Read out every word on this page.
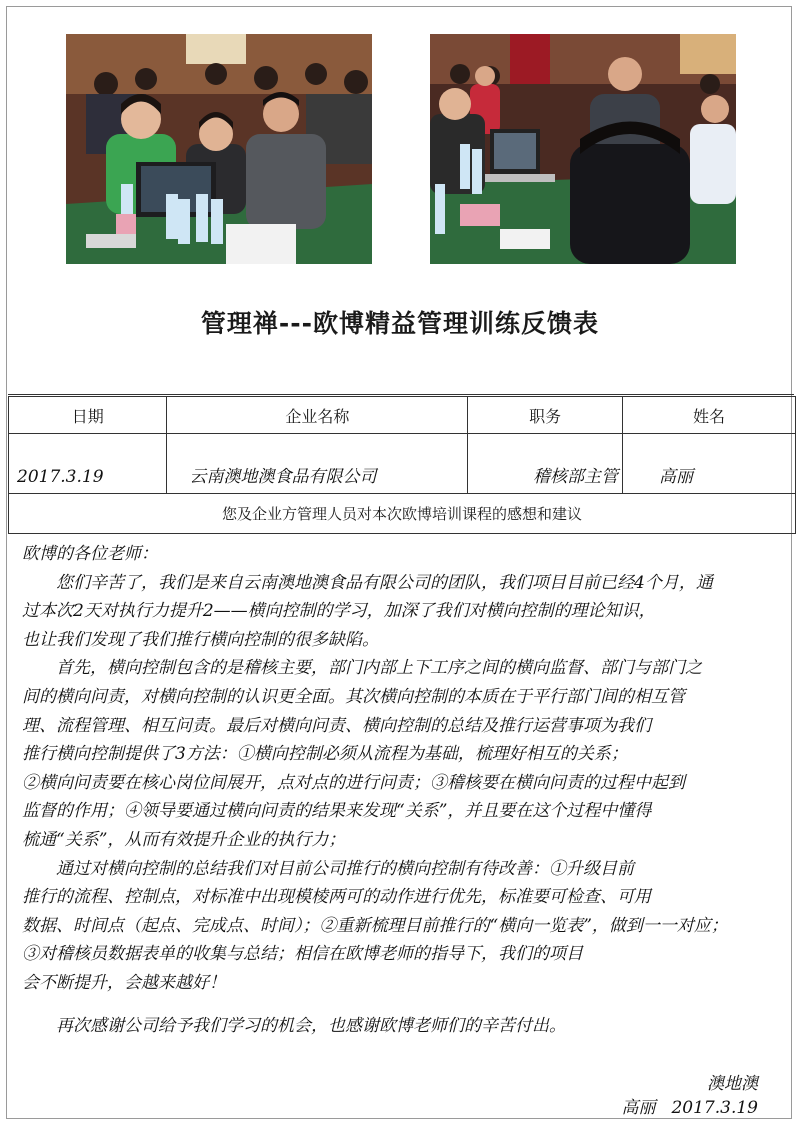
管理禅---欧博精益管理训练反馈表
日期	企业名称	职务	姓名
2017.3.19	云南澳地澳食品有限公司	稽核部主管	高丽
您及企业方管理人员对本次欧博培训课程的感想和建议			

欧博的各位老师：

　　您们辛苦了，我们是来自云南澳地澳食品有限公司的团队，我们项目目前已经4个月，通

过本次2天对执行力提升2——横向控制的学习，加深了我们对横向控制的理论知识，

也让我们发现了我们推行横向控制的很多缺陷。

　　首先，横向控制包含的是稽核主要，部门内部上下工序之间的横向监督、部门与部门之

间的横向问责，对横向控制的认识更全面。其次横向控制的本质在于平行部门间的相互管

理、流程管理、相互问责。最后对横向问责、横向控制的总结及推行运营事项为我们

推行横向控制提供了3方法：①横向控制必须从流程为基础，梳理好相互的关系；

②横向问责要在核心岗位间展开，点对点的进行问责；③稽核要在横向问责的过程中起到

监督的作用；④领导要通过横向问责的结果来发现“关系”，并且要在这个过程中懂得

梳通“关系”，从而有效提升企业的执行力；

　　通过对横向控制的总结我们对目前公司推行的横向控制有待改善：①升级目前

推行的流程、控制点，对标准中出现模棱两可的动作进行优先，标准要可检查、可用

数据、时间点（起点、完成点、时间）；②重新梳理目前推行的“横向一览表”，做到一一对应；

③对稽核员数据表单的收集与总结；相信在欧博老师的指导下，我们的项目

会不断提升，会越来越好！

　　再次感谢公司给予我们学习的机会，也感谢欧博老师们的辛苦付出。

澳地澳
高丽 2017.3.19
